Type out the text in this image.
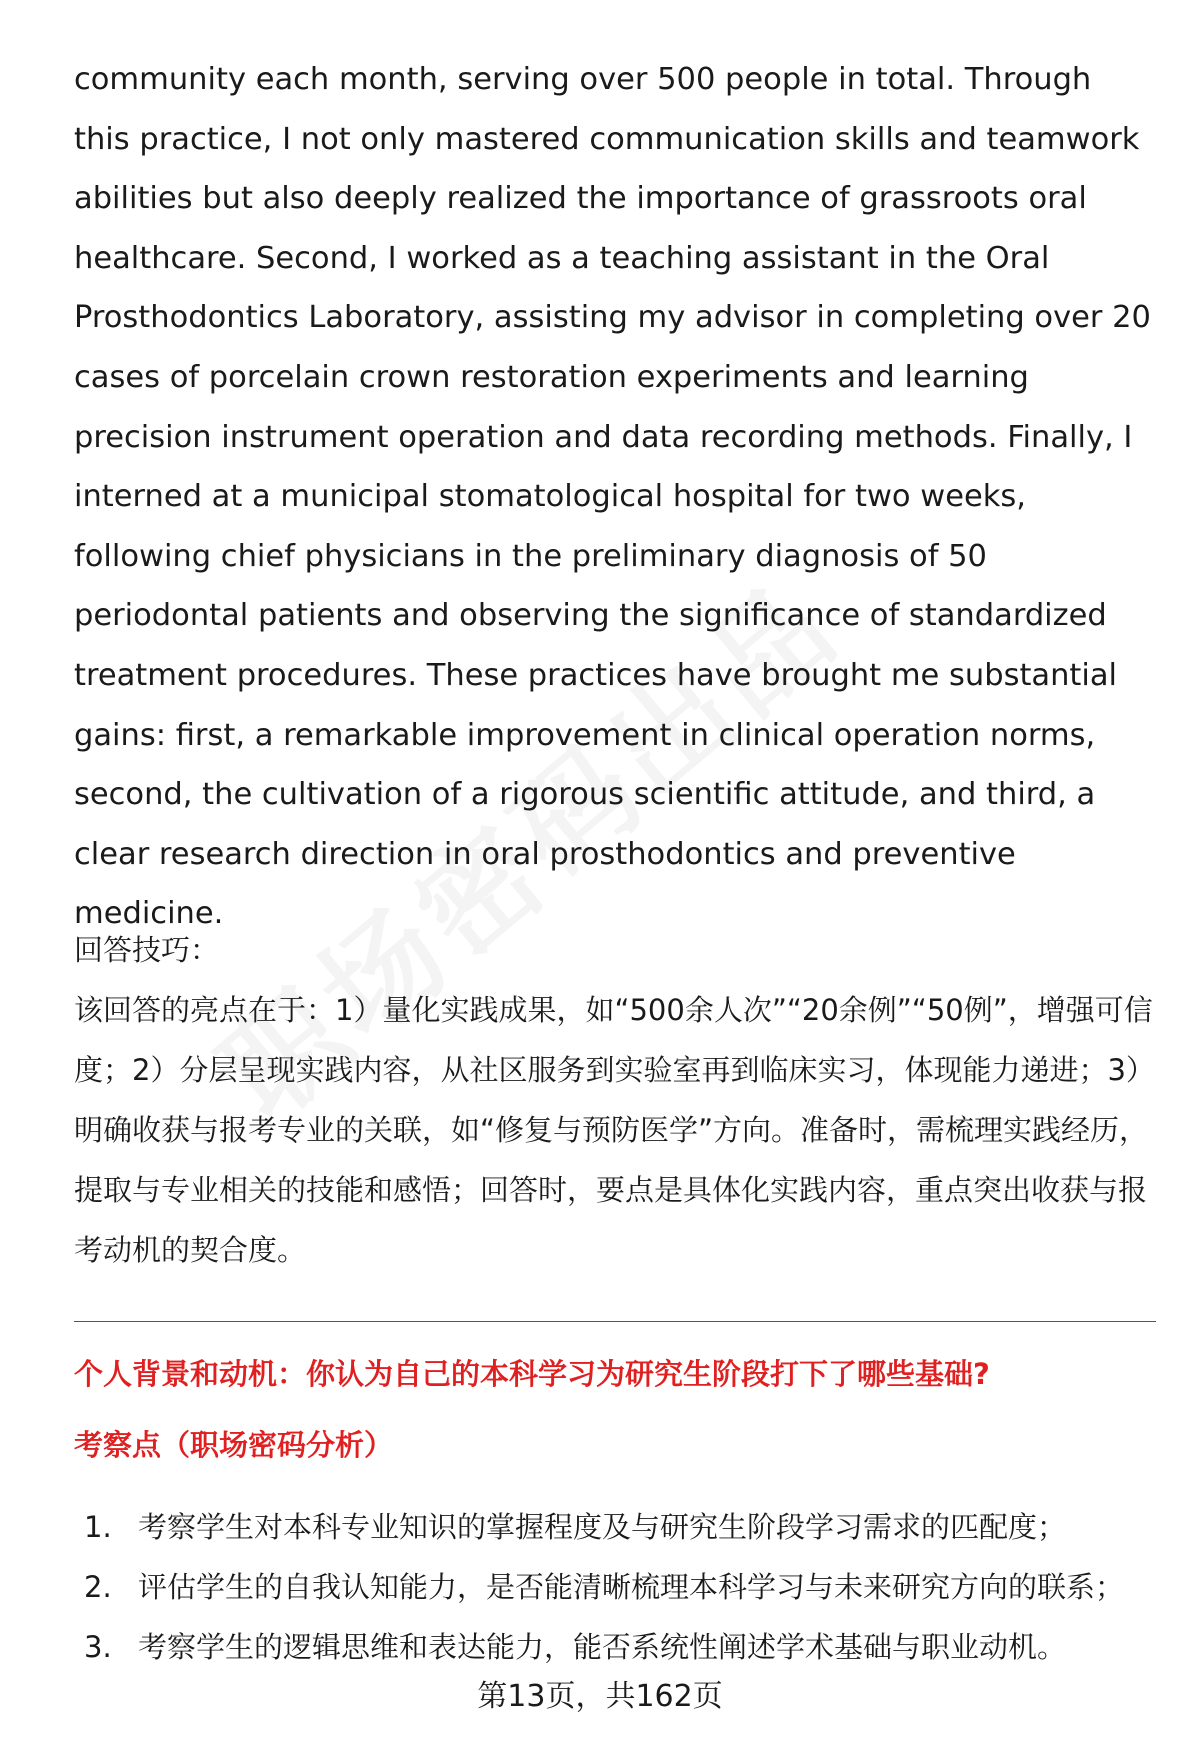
community each month, serving over 500 people in total. Through this practice, I not only mastered communication skills and teamwork abilities but also deeply realized the importance of grassroots oral healthcare. Second, I worked as a teaching assistant in the Oral Prosthodontics Laboratory, assisting my advisor in completing over 20 cases of porcelain crown restoration experiments and learning precision instrument operation and data recording methods. Finally, I interned at a municipal stomatological hospital for two weeks, following chief physicians in the preliminary diagnosis of 50 periodontal patients and observing the significance of standardized treatment procedures. These practices have brought me substantial gains: first, a remarkable improvement in clinical operation norms, second, the cultivation of a rigorous scientific attitude, and third, a clear research direction in oral prosthodontics and preventive medicine.

回答技巧：

该回答的亮点在于：1）量化实践成果，如“500余人次”“20余例”“50例”，增强可信度；2）分层呈现实践内容，从社区服务到实验室再到临床实习，体现能力递进；3）明确收获与报考专业的关联，如“修复与预防医学”方向。准备时，需梳理实践经历，提取与专业相关的技能和感悟；回答时，要点是具体化实践内容，重点突出收获与报考动机的契合度。

个人背景和动机：你认为自己的本科学习为研究生阶段打下了哪些基础?

考察点（职场密码分析）

1. 考察学生对本科专业知识的掌握程度及与研究生阶段学习需求的匹配度；
2. 评估学生的自我认知能力，是否能清晰梳理本科学习与未来研究方向的联系；
3. 考察学生的逻辑思维和表达能力，能否系统性阐述学术基础与职业动机。
第13页，共162页
